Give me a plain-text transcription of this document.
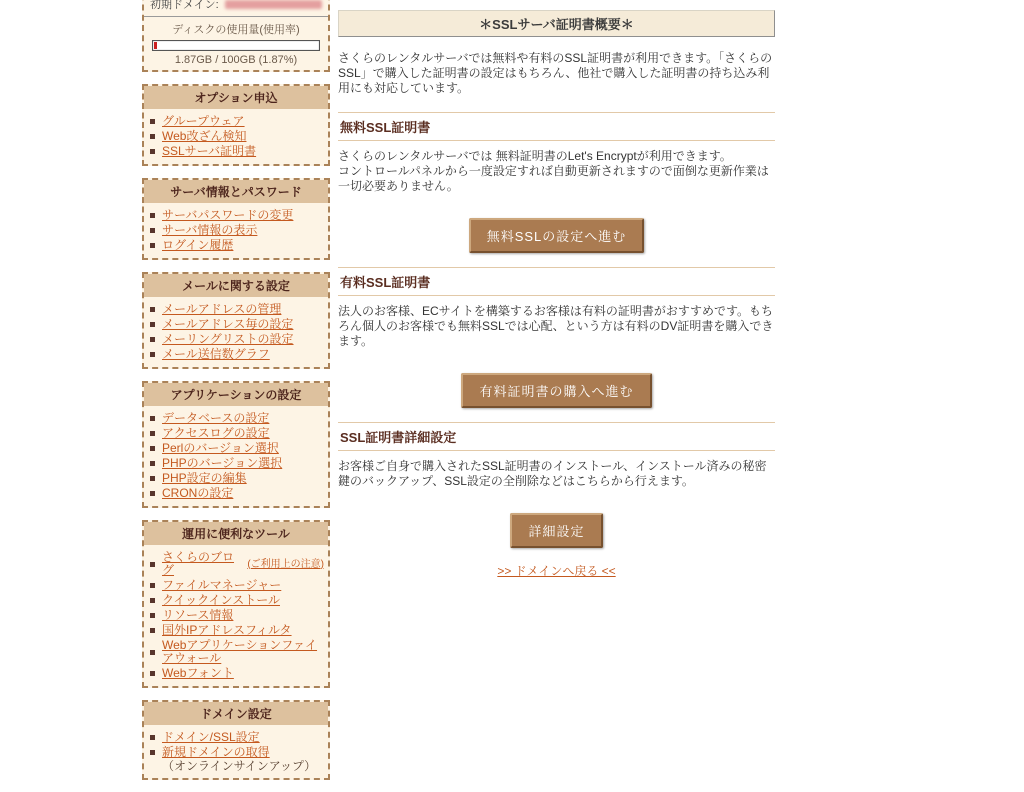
初期ドメイン:
ディスクの使用量(使用率)
1.87GB / 100GB (1.87%)
オプション申込
グループウェア
Web改ざん検知
SSLサーバ証明書
サーバ情報とパスワード
サーバパスワードの変更
サーバ情報の表示
ログイン履歴
メールに関する設定
メールアドレスの管理
メールアドレス毎の設定
メーリングリストの設定
メール送信数グラフ
アプリケーションの設定
データベースの設定
アクセスログの設定
Perlのバージョン選択
PHPのバージョン選択
PHP設定の編集
CRONの設定
運用に便利なツール
さくらのブログ	(ご利用上の注意)
ファイルマネージャー
クイックインストール
リソース情報
国外IPアドレスフィルタ
Webアプリケーションファイアウォール
Webフォント
ドメイン設定
ドメイン/SSL設定
新規ドメインの取得
（オンラインサインアップ）
＊SSLサーバ証明書概要＊
さくらのレンタルサーバでは無料や有料のSSL証明書が利用できます。「さくらのSSL」で購入した証明書の設定はもちろん、他社で購入した証明書の持ち込み利用にも対応しています。
無料SSL証明書
さくらのレンタルサーバでは 無料証明書のLet's Encryptが利用できます。
コントロールパネルから一度設定すれば自動更新されますので面倒な更新作業は一切必要ありません。
無料SSLの設定へ進む
有料SSL証明書
法人のお客様、ECサイトを構築するお客様は有料の証明書がおすすめです。もちろん個人のお客様でも無料SSLでは心配、という方は有料のDV証明書を購入できます。
有料証明書の購入へ進む
SSL証明書詳細設定
お客様ご自身で購入されたSSL証明書のインストール、インストール済みの秘密鍵のバックアップ、SSL設定の全削除などはこちらから行えます。
詳細設定
>> ドメインへ戻る <<
